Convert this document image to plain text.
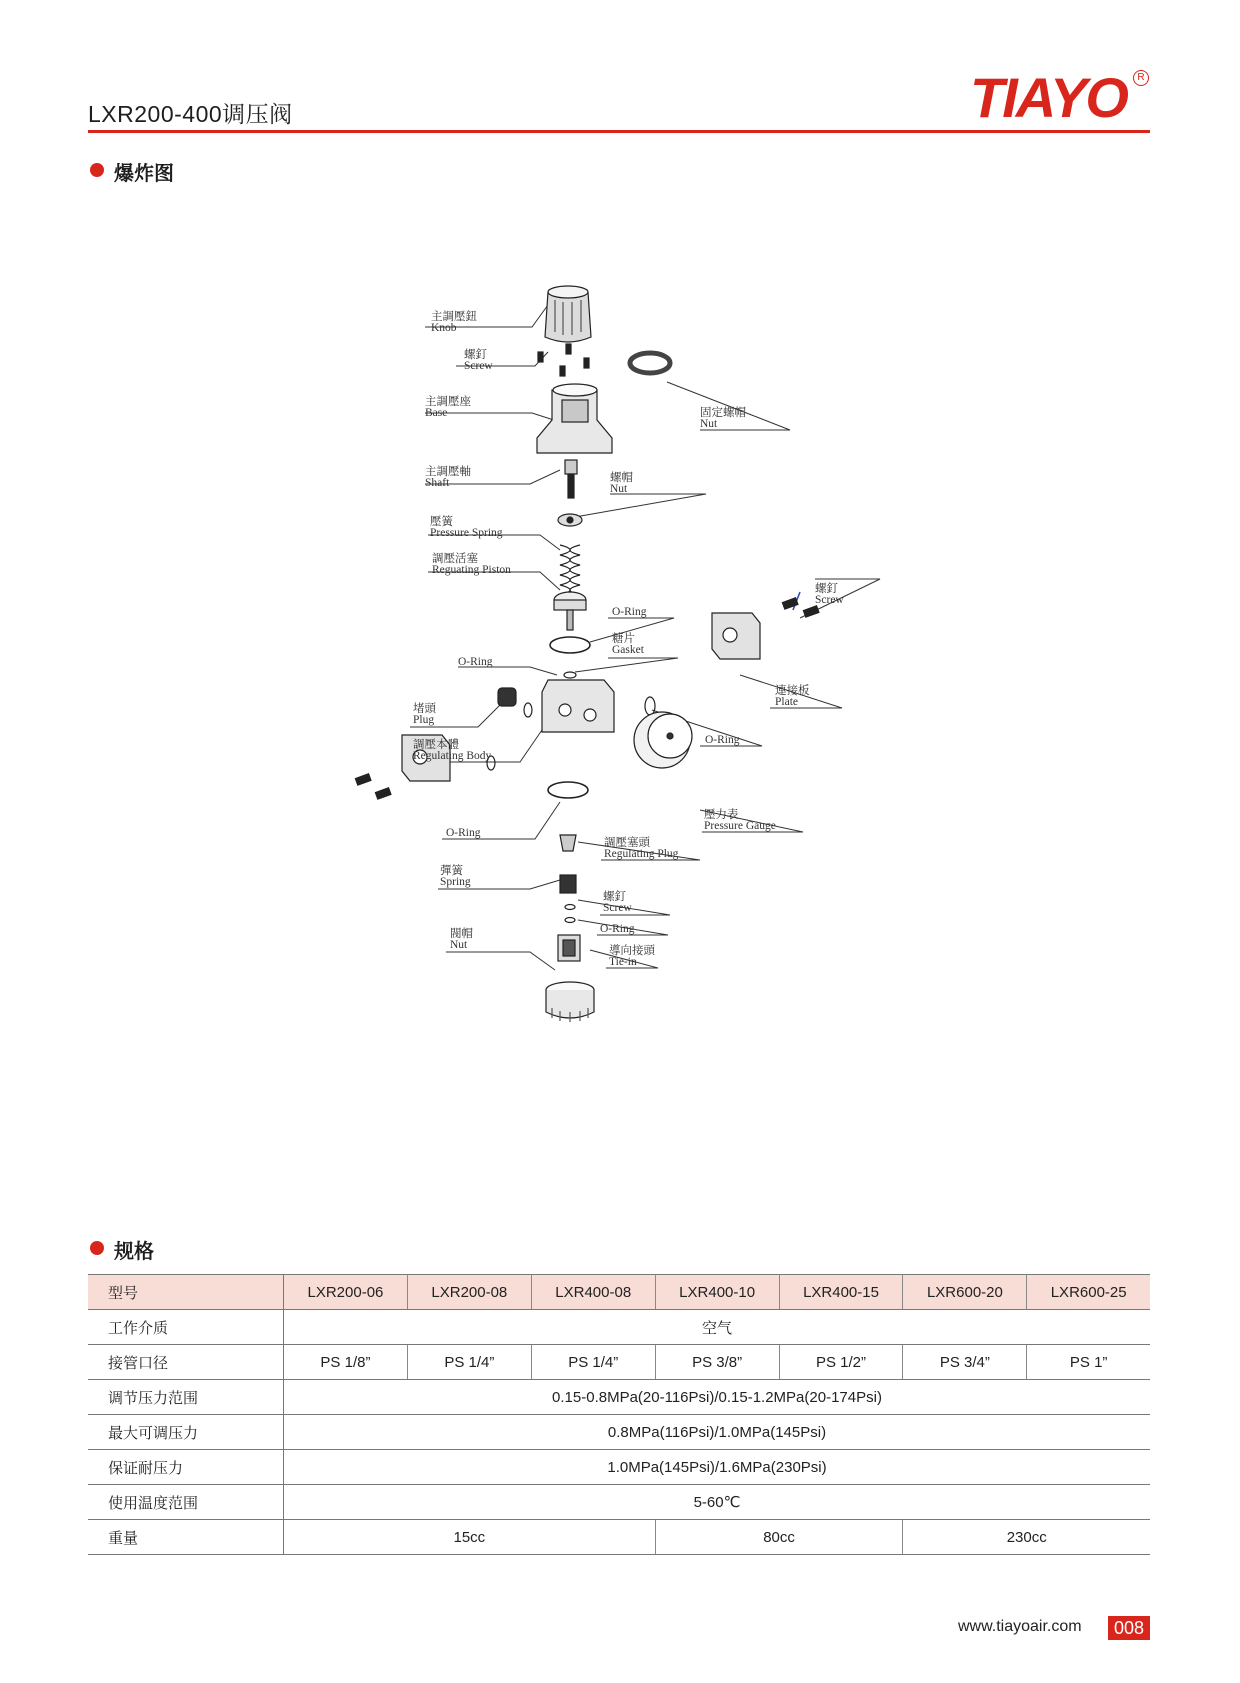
LXR200-400调压阀	TIAYO	R
爆炸图
主調壓鈕
Knob
螺釘
Screw
主調壓座
Base	固定螺帽
Nut
主調壓軸
Shaft	螺帽
Nut
壓簧
Pressure Spring
調壓活塞
Reguating Piston
螺釘
Screw
O-Ring
糖片
Gasket
O-Ring
連接板
Plate
堵頭
Plug
O-Ring
調壓本體
Regulating Body
壓力表
Pressure Gauge
O-Ring
調壓塞頭
Regulating Plug
彈簧
Spring
螺釘
Screw
O-Ring
閥帽
Nut	導向接頭
Tie-in
规格
型号	LXR200-06	LXR200-08	LXR400-08	LXR400-10	LXR400-15	LXR600-20	LXR600-25
工作介质	空气						
接管口径	PS 1/8”	PS 1/4”	PS 1/4”	PS 3/8”	PS 1/2”	PS 3/4”	PS 1”
调节压力范围	0.15-0.8MPa(20-116Psi)/0.15-1.2MPa(20-174Psi)						
最大可调压力	0.8MPa(116Psi)/1.0MPa(145Psi)						
保证耐压力	1.0MPa(145Psi)/1.6MPa(230Psi)						
使用温度范围	5-60℃						
重量	15cc			80cc		230cc	
www.tiayoair.com	008
